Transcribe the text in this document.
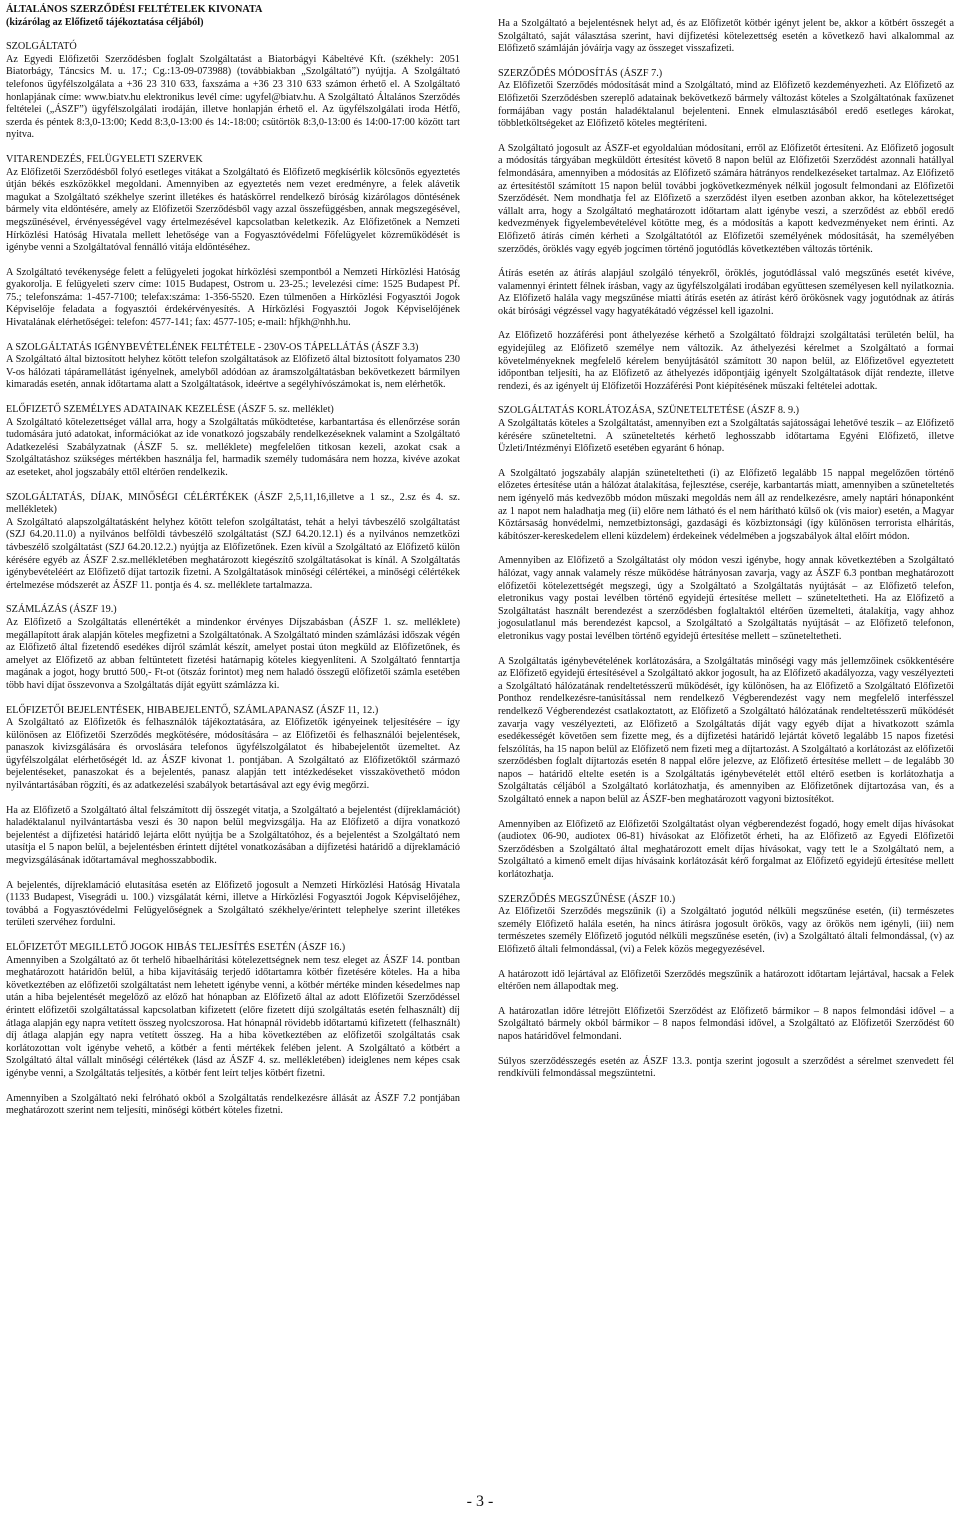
ÁLTALÁNOS SZERZŐDÉSI FELTÉTELEK KIVONATA

(kizárólag az Előfizető tájékoztatása céljából)

SZOLGÁLTATÓ

Az Egyedi Előfizetői Szerződésben foglalt Szolgáltatást a Biatorbágyi Kábeltévé Kft. (székhely: 2051 Biatorbágy, Táncsics M. u. 17.; Cg.:13-09-073988) (továbbiakban „Szolgáltató”) nyújtja. A Szolgáltató telefonos ügyfélszolgálata a +36 23 310 633, faxszáma a +36 23 310 633 számon érhető el. A Szolgáltató honlapjának címe: www.biatv.hu elektronikus levél címe: ugyfel@biatv.hu. A Szolgáltató Általános Szerződés feltételei („ÁSZF”) ügyfélszolgálati irodáján, illetve honlapján érhető el. Az ügyfélszolgálati iroda Hétfő, szerda és péntek 8:3,0-13:00; Kedd 8:3,0-13:00 és 14:-18:00; csütörtök 8:3,0-13:00 és 14:00-17:00 között tart nyitva.

VITARENDEZÉS, FELÜGYELETI SZERVEK

Az Előfizetői Szerződésből folyó esetleges vitákat a Szolgáltató és Előfizető megkísérlik kölcsönös egyeztetés útján békés eszközökkel megoldani. Amennyiben az egyeztetés nem vezet eredményre, a felek alávetik magukat a Szolgáltató székhelye szerint illetékes és hatáskörrel rendelkező bíróság kizárólagos döntésének bármely vita eldöntésére, amely az Előfizetői Szerződésből vagy azzal összefüggésben, annak megszegésével, megszűnésével, érvényességével vagy értelmezésével kapcsolatban keletkezik. Az Előfizetőnek a Nemzeti Hírközlési Hatóság Hivatala mellett lehetősége van a Fogyasztóvédelmi Főfelügyelet közreműködését is igénybe venni a Szolgáltatóval fennálló vitája eldöntéséhez.

A Szolgáltató tevékenysége felett a felügyeleti jogokat hírközlési szempontból a Nemzeti Hírközlési Hatóság gyakorolja. E felügyeleti szerv címe: 1015 Budapest, Ostrom u. 23-25.; levelezési címe: 1525 Budapest Pf. 75.; telefonszáma: 1-457-7100; telefax:száma: 1-356-5520. Ezen túlmenően a Hírközlési Fogyasztói Jogok Képviselője feladata a fogyasztói érdekérvényesítés. A Hírközlési Fogyasztói Jogok Képviselőjének Hivatalának elérhetőségei: telefon: 4577-141; fax: 4577-105; e-mail: hfjkh@nhh.hu.

A SZOLGÁLTATÁS IGÉNYBEVÉTELÉNEK FELTÉTELE - 230V-OS TÁPELLÁTÁS (ÁSZF 3.3)

A Szolgáltató által biztosított helyhez kötött telefon szolgáltatások az Előfizető által biztosított folyamatos 230 V-os hálózati tápáramellátást igényelnek, amelyből adódóan az áramszolgáltatásban bekövetkezett bármilyen kimaradás esetén, annak időtartama alatt a Szolgáltatások, ideértve a segélyhívószámokat is, nem elérhetők.

ELŐFIZETŐ SZEMÉLYES ADATAINAK KEZELÉSE (ÁSZF 5. sz. melléklet)

A Szolgáltató kötelezettséget vállal arra, hogy a Szolgáltatás működtetése, karbantartása és ellenőrzése során tudomására jutó adatokat, információkat az ide vonatkozó jogszabály rendelkezéseknek valamint a Szolgáltató Adatkezelési Szabályzatnak (ÁSZF 5. sz. melléklete) megfelelően titkosan kezeli, azokat csak a Szolgáltatáshoz szükséges mértékben használja fel, harmadik személy tudomására nem hozza, kivéve azokat az eseteket, ahol jogszabály ettől eltérően rendelkezik.

SZOLGÁLTATÁS, DÍJAK, MINŐSÉGI CÉLÉRTÉKEK (ÁSZF 2,5,11,16,illetve a 1 sz., 2.sz és 4. sz. mellékletek)

A Szolgáltató alapszolgáltatásként helyhez kötött telefon szolgáltatást, tehát a helyi távbeszélő szolgáltatást (SZJ 64.20.11.0) a nyilvános belföldi távbeszélő szolgáltatást (SZJ 64.20.12.1) és a nyilvános nemzetközi távbeszélő szolgáltatást (SZJ 64.20.12.2.) nyújtja az Előfizetőnek. Ezen kívül a Szolgáltató az Előfizető külön kérésére egyéb az ÁSZF 2.sz.mellékletében meghatározott kiegészítő szolgáltatásokat is kínál. A Szolgáltatás igénybevételéért az Előfizető díjat tartozik fizetni. A Szolgáltatások minőségi célértékei, a minőségi célértékek értelmezése módszerét az ÁSZF 11. pontja és 4. sz. melléklete tartalmazza.

SZÁMLÁZÁS (ÁSZF 19.)

Az Előfizető a Szolgáltatás ellenértékét a mindenkor érvényes Díjszabásban (ÁSZF 1. sz. melléklete) megállapított árak alapján köteles megfizetni a Szolgáltatónak. A Szolgáltató minden számlázási időszak végén az Előfizető által fizetendő esedékes díjról számlát készít, amelyet postai úton megküld az Előfizetőnek, és amelyet az Előfizető az abban feltüntetett fizetési határnapig köteles kiegyenlíteni. A Szolgáltató fenntartja magának a jogot, hogy bruttó 500,- Ft-ot (ötszáz forintot) meg nem haladó összegű előfizetői számla esetében több havi díjat összevonva a Szolgáltatás díját együtt számlázza ki.

ELŐFIZETŐI BEJELENTÉSEK, HIBABEJELENTŐ, SZÁMLAPANASZ (ÁSZF 11, 12.)

A Szolgáltató az Előfizetők és felhasználók tájékoztatására, az Előfizetők igényeinek teljesítésére – így különösen az Előfizetői Szerződés megkötésére, módosítására – az Előfizetői és felhasználói bejelentések, panaszok kivizsgálására és orvoslására telefonos ügyfélszolgálatot és hibabejelentőt üzemeltet. Az ügyfélszolgálat elérhetőségét ld. az ÁSZF kivonat 1. pontjában. A Szolgáltató az Előfizetőktől származó bejelentéseket, panaszokat és a bejelentés, panasz alapján tett intézkedéseket visszakövethető módon nyilvántartásában rögzíti, és az adatkezelési szabályok betartásával azt egy évig megőrzi.

Ha az Előfizető a Szolgáltató által felszámított díj összegét vitatja, a Szolgáltató a bejelentést (díjreklamációt) haladéktalanul nyilvántartásba veszi és 30 napon belül megvizsgálja. Ha az Előfizető a díjra vonatkozó bejelentést a díjfizetési határidő lejárta előtt nyújtja be a Szolgáltatóhoz, és a bejelentést a Szolgáltató nem utasítja el 5 napon belül, a bejelentésben érintett díjtétel vonatkozásában a díjfizetési határidő a díjreklamáció megvizsgálásának időtartamával meghosszabbodik.

A bejelentés, díjreklamáció elutasítása esetén az Előfizető jogosult a Nemzeti Hírközlési Hatóság Hivatala (1133 Budapest, Visegrádi u. 100.) vizsgálatát kérni, illetve a Hírközlési Fogyasztói Jogok Képviselőjéhez, továbbá a Fogyasztóvédelmi Felügyelőségnek a Szolgáltató székhelye/érintett telephelye szerint illetékes területi szervéhez fordulni.

ELŐFIZETŐT MEGILLETŐ JOGOK HIBÁS TELJESÍTÉS ESETÉN (ÁSZF 16.)

Amennyiben a Szolgáltató az őt terhelő hibaelhárítási kötelezettségnek nem tesz eleget az ÁSZF 14. pontban meghatározott határidőn belül, a hiba kijavításáig terjedő időtartamra kötbér fizetésére köteles. Ha a hiba következtében az előfizetői szolgáltatást nem lehetett igénybe venni, a kötbér mértéke minden késedelmes nap után a hiba bejelentését megelőző az előző hat hónapban az Előfizető által az adott Előfizetői Szerződéssel érintett előfizetői szolgáltatással kapcsolatban kifizetett (előre fizetett díjú szolgáltatás esetén felhasznált) díj átlaga alapján egy napra vetített összeg nyolcszorosa. Hat hónapnál rövidebb időtartamú kifizetett (felhasznált) díj átlaga alapján egy napra vetített összeg. Ha a hiba következtében az előfizetői szolgáltatás csak korlátozottan volt igénybe vehető, a kötbér a fenti mértékek felében jelent. A Szolgáltató a kötbért a Szolgáltató által vállalt minőségi célértékek (lásd az ÁSZF 4. sz. mellékletében) ideiglenes nem képes csak igénybe venni, a Szolgáltatás teljesítés, a kötbér fent leírt teljes kötbért fizetni.

Amennyiben a Szolgáltató neki felróható okból a Szolgáltatás rendelkezésre állását az ÁSZF 7.2 pontjában meghatározott szerint nem teljesíti, minőségi kötbért köteles fizetni.

Ha a Szolgáltató a bejelentésnek helyt ad, és az Előfizetőt kötbér igényt jelent be, akkor a kötbért összegét a Szolgáltató, saját választása szerint, havi díjfizetési kötelezettség esetén a következő havi alkalommal az Előfizető számláján jóváírja vagy az összeget visszafizeti.

SZERZŐDÉS MÓDOSÍTÁS (ÁSZF 7.)

Az Előfizetői Szerződés módosítását mind a Szolgáltató, mind az Előfizető kezdeményezheti. Az Előfizető az Előfizetői Szerződésben szereplő adatainak bekövetkező bármely változást köteles a Szolgáltatónak faxüzenet formájában vagy postán haladéktalanul bejelenteni. Ennek elmulasztásából eredő esetleges károkat, többletköltségeket az Előfizető köteles megtéríteni.

A Szolgáltató jogosult az ÁSZF-et egyoldalúan módosítani, erről az Előfizetőt értesíteni. Az Előfizető jogosult a módosítás tárgyában megküldött értesítést követő 8 napon belül az Előfizetői Szerződést azonnali hatállyal felmondására, amennyiben a módosítás az Előfizető számára hátrányos rendelkezéseket tartalmaz. Az Előfizető az értesítéstől számított 15 napon belül további jogkövetkezmények nélkül jogosult felmondani az Előfizetői Szerződését. Nem mondhatja fel az Előfizető a szerződést ilyen esetben azonban akkor, ha kötelezettséget vállalt arra, hogy a Szolgáltató meghatározott időtartam alatt igénybe veszi, a szerződést az ebből eredő kedvezmények figyelembevételével kötötte meg, és a módosítás a kapott kedvezményeket nem érinti. Az Előfizető átírás címén kérheti a Szolgáltatótól az Előfizetői személyének módosítását, ha személyében szerződés, öröklés vagy egyéb jogcímen történő jogutódlás következtében változás történik.

Átírás esetén az átírás alapjául szolgáló tényekről, öröklés, jogutódlással való megszűnés esetét kivéve, valamennyi érintett félnek írásban, vagy az ügyfélszolgálati irodában együttesen személyesen kell nyilatkoznia. Az Előfizető halála vagy megszűnése miatti átírás esetén az átírást kérő örökösnek vagy jogutódnak az átírás okát bírósági végzéssel vagy hagyatékátadó végzéssel kell igazolni.

Az Előfizető hozzáférési pont áthelyezése kérhető a Szolgáltató földrajzi szolgáltatási területén belül, ha egyidejűleg az Előfizető személye nem változik. Az áthelyezési kérelmet a Szolgáltató a formai követelményeknek megfelelő kérelem benyújtásától számított 30 napon belül, az Előfizetővel egyeztetett időpontban teljesíti, ha az Előfizető az áthelyezés időpontjáig igényelt Szolgáltatások díját rendezte, illetve rendezi, és az igényelt új Előfizetői Hozzáférési Pont kiépítésének műszaki feltételei adottak.

SZOLGÁLTATÁS KORLÁTOZÁSA, SZÜNETELTETÉSE (ÁSZF 8. 9.)

A Szolgáltatás köteles a Szolgáltatást, amennyiben ezt a Szolgáltatás sajátosságai lehetővé teszik – az Előfizető kérésére szüneteltetni. A szüneteltetés kérhető leghosszabb időtartama Egyéni Előfizető, illetve Üzleti/Intézményi Előfizető esetében egyaránt 6 hónap.

A Szolgáltató jogszabály alapján szüneteltetheti (i) az Előfizető legalább 15 nappal megelőzően történő előzetes értesítése után a hálózat átalakítása, fejlesztése, cseréje, karbantartás miatt, amennyiben a szüneteltetés nem igényelő más kedvezőbb módon műszaki megoldás nem áll az rendelkezésre, amely naptári hónaponként az 1 napot nem haladhatja meg (ii) előre nem látható és el nem hárítható külső ok (vis maior) esetén, a Magyar Köztársaság honvédelmi, nemzetbiztonsági, gazdasági és közbiztonsági (így különösen terrorista elhárítás, kábítószer-kereskedelem elleni küzdelem) érdekeinek védelmében a jogszabályok által előírt módon.

Amennyiben az Előfizető a Szolgáltatást oly módon veszi igénybe, hogy annak következtében a Szolgáltató hálózat, vagy annak valamely része működése hátrányosan zavarja, vagy az ÁSZF 6.3 pontban meghatározott előfizetői kötelezettségét megszegi, úgy a Szolgáltató a Szolgáltatás nyújtását – az Előfizető telefon, eletronikus vagy postai levélben történő egyidejű értesítése mellett – szüneteltetheti. Ha az Előfizető a Szolgáltatást használt berendezést a szerződésben foglaltaktól eltérően üzemelteti, átalakítja, vagy ahhoz jogosulatlanul más berendezést kapcsol, a Szolgáltató a Szolgáltatás nyújtását – az Előfizető telefonon, eletronikus vagy postai levélben történő egyidejű értesítése mellett – szüneteltetheti.

A Szolgáltatás igénybevételének korlátozására, a Szolgáltatás minőségi vagy más jellemzőinek csökkentésére az Előfizető egyidejű értesítésével a Szolgáltató akkor jogosult, ha az Előfizető akadályozza, vagy veszélyezteti a Szolgáltató hálózatának rendeltetésszerű működését, így különösen, ha az Előfizető a Szolgáltató Előfizetői Ponthoz rendelkezésre-tanúsítással nem rendelkező Végberendezést vagy nem megfelelő interfésszel rendelkező Végberendezést csatlakoztatott, az Előfizető a Szolgáltató hálózatának rendeltetésszerű működését zavarja vagy veszélyezteti, az Előfizető a Szolgáltatás díját vagy egyéb díjat a hivatkozott számla esedékességét követően sem fizette meg, és a díjfizetési határidő lejártát követő legalább 15 napos fizetési felszólítás, ha 15 napon belül az Előfizető nem fizeti meg a díjtartozást. A Szolgáltató a korlátozást az előfizetői szerződésben foglalt díjtartozás esetén 8 nappal előre jelezve, az Előfizető értesítése mellett – de legalább 30 napos – határidő eltelte esetén is a Szolgáltatás igénybevételét ettől eltérő esetben is korlátozhatja a Szolgáltatás céljából a Szolgáltató korlátozhatja, és amennyiben az Előfizetőnek díjtartozása van, és a Szolgáltató ennek a napon belül az ÁSZF-ben meghatározott vagyoni biztosítékot.

Amennyiben az Előfizető az Előfizetői Szolgáltatást olyan végberendezést fogadó, hogy emelt díjas hívásokat (audiotex 06-90, audiotex 06-81) hívásokat az Előfizetőt érheti, ha az Előfizető az Egyedi Előfizetői Szerződésben a Szolgáltató által meghatározott emelt díjas hívásokat, vagy tett le a Szolgáltató nem, a Szolgáltató a kimenő emelt díjas hívásaink korlátozását kérő forgalmat az Előfizető egyidejű értesítése mellett korlátozhatja.

SZERZŐDÉS MEGSZŰNÉSE (ÁSZF 10.)

Az Előfizetői Szerződés megszűnik (i) a Szolgáltató jogutód nélküli megszűnése esetén, (ii) természetes személy Előfizető halála esetén, ha nincs átírásra jogosult örökös, vagy az örökös nem igényli, (iii) nem természetes személy Előfizető jogutód nélküli megszűnése esetén, (iv) a Szolgáltató általi felmondással, (v) az Előfizető általi felmondással, (vi) a Felek közös megegyezésével.

A határozott idő lejártával az Előfizetői Szerződés megszűnik a határozott időtartam lejártával, hacsak a Felek eltérően nem állapodtak meg.

A határozatlan időre létrejött Előfizetői Szerződést az Előfizető bármikor – 8 napos felmondási idővel – a Szolgáltató bármely okból bármikor – 8 napos felmondási idővel, a Szolgáltató az Előfizetői Szerződést 60 napos határidővel felmondani.

Súlyos szerződésszegés esetén az ÁSZF 13.3. pontja szerint jogosult a szerződést a sérelmet szenvedett fél rendkívüli felmondással megszüntetni.

- 3 -
